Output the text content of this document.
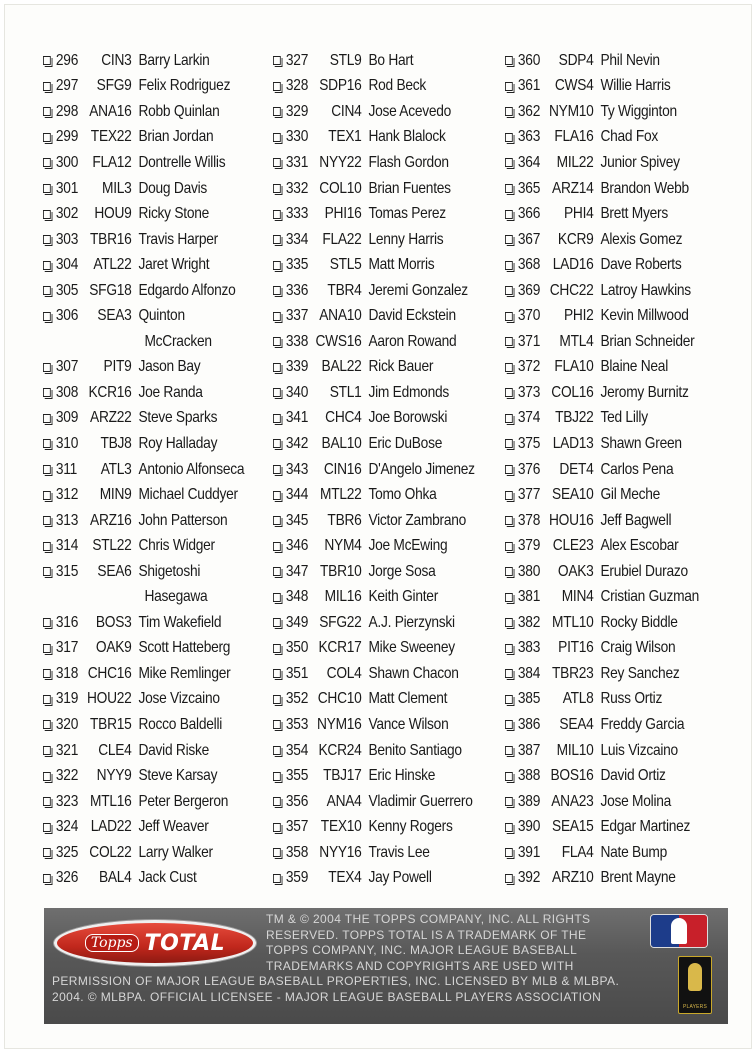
296	CIN3 Barry Larkin
297	SFG9 Felix Rodriguez
298 ANA16 Robb Quinlan
299 TEX22 Brian Jordan
300 FLA12 Dontrelle Willis
301	MIL3 Doug Davis
302	HOU9 Ricky Stone
303 TBR16 Travis Harper
304 ATL22 Jaret Wright
305 SFG18 Edgardo Alfonzo
306	SEA3 Quinton
McCracken
307	PIT9 Jason Bay
308 KCR16 Joe Randa
309 ARZ22 Steve Sparks
310	TBJ8 Roy Halladay
311	ATL3 Antonio Alfonseca
312	MIN9 Michael Cuddyer
313 ARZ16 John Patterson
314 STL22 Chris Widger
315	SEA6 Shigetoshi
Hasegawa
316	BOS3 Tim Wakefield
317	OAK9 Scott Hatteberg
318 CHC16 Mike Remlinger
319 HOU22 Jose Vizcaino
320 TBR15 Rocco Baldelli
321	CLE4 David Riske
322	NYY9 Steve Karsay
323 MTL16 Peter Bergeron
324 LAD22 Jeff Weaver
325 COL22 Larry Walker
326	BAL4 Jack Cust
327	STL9 Bo Hart
328 SDP16 Rod Beck
329	CIN4 Jose Acevedo
330	TEX1 Hank Blalock
331 NYY22 Flash Gordon
332 COL10 Brian Fuentes
333	PHI16 Tomas Perez
334 FLA22 Lenny Harris
335	STL5 Matt Morris
336	TBR4 Jeremi Gonzalez
337 ANA10 David Eckstein
338 CWS16 Aaron Rowand
339 BAL22 Rick Bauer
340	STL1 Jim Edmonds
341	CHC4 Joe Borowski
342 BAL10 Eric DuBose
343 CIN16 D'Angelo Jimenez
344 MTL22 Tomo Ohka
345	TBR6 Victor Zambrano
346	NYM4 Joe McEwing
347 TBR10 Jorge Sosa
348	MIL16 Keith Ginter
349 SFG22 A.J. Pierzynski
350 KCR17 Mike Sweeney
351	COL4 Shawn Chacon
352 CHC10 Matt Clement
353 NYM16 Vance Wilson
354 KCR24 Benito Santiago
355 TBJ17 Eric Hinske
356	ANA4 Vladimir Guerrero
357 TEX10 Kenny Rogers
358 NYY16 Travis Lee
359	TEX4 Jay Powell
360	SDP4 Phil Nevin
361 CWS4 Willie Harris
362 NYM10 Ty Wigginton
363 FLA16 Chad Fox
364	MIL22 Junior Spivey
365 ARZ14 Brandon Webb
366	PHI4 Brett Myers
367	KCR9 Alexis Gomez
368 LAD16 Dave Roberts
369 CHC22 Latroy Hawkins
370	PHI2 Kevin Millwood
371	MTL4 Brian Schneider
372 FLA10 Blaine Neal
373 COL16 Jeromy Burnitz
374 TBJ22 Ted Lilly
375 LAD13 Shawn Green
376	DET4 Carlos Pena
377 SEA10 Gil Meche
378 HOU16 Jeff Bagwell
379 CLE23 Alex Escobar
380	OAK3 Erubiel Durazo
381	MIN4 Cristian Guzman
382 MTL10 Rocky Biddle
383	PIT16 Craig Wilson
384 TBR23 Rey Sanchez
385	ATL8 Russ Ortiz
386	SEA4 Freddy Garcia
387	MIL10 Luis Vizcaino
388 BOS16 David Ortiz
389 ANA23 Jose Molina
390 SEA15 Edgar Martinez
391	FLA4 Nate Bump
392 ARZ10 Brent Mayne
Topps TOTAL
TM & © 2004 THE TOPPS COMPANY, INC. ALL RIGHTS
RESERVED. TOPPS TOTAL IS A TRADEMARK OF THE
TOPPS COMPANY, INC. MAJOR LEAGUE BASEBALL
TRADEMARKS AND COPYRIGHTS ARE USED WITH
PERMISSION OF MAJOR LEAGUE BASEBALL PROPERTIES, INC. LICENSED BY MLB & MLBPA.
2004. © MLBPA. OFFICIAL LICENSEE - MAJOR LEAGUE BASEBALL PLAYERS ASSOCIATION
PLAYERS
